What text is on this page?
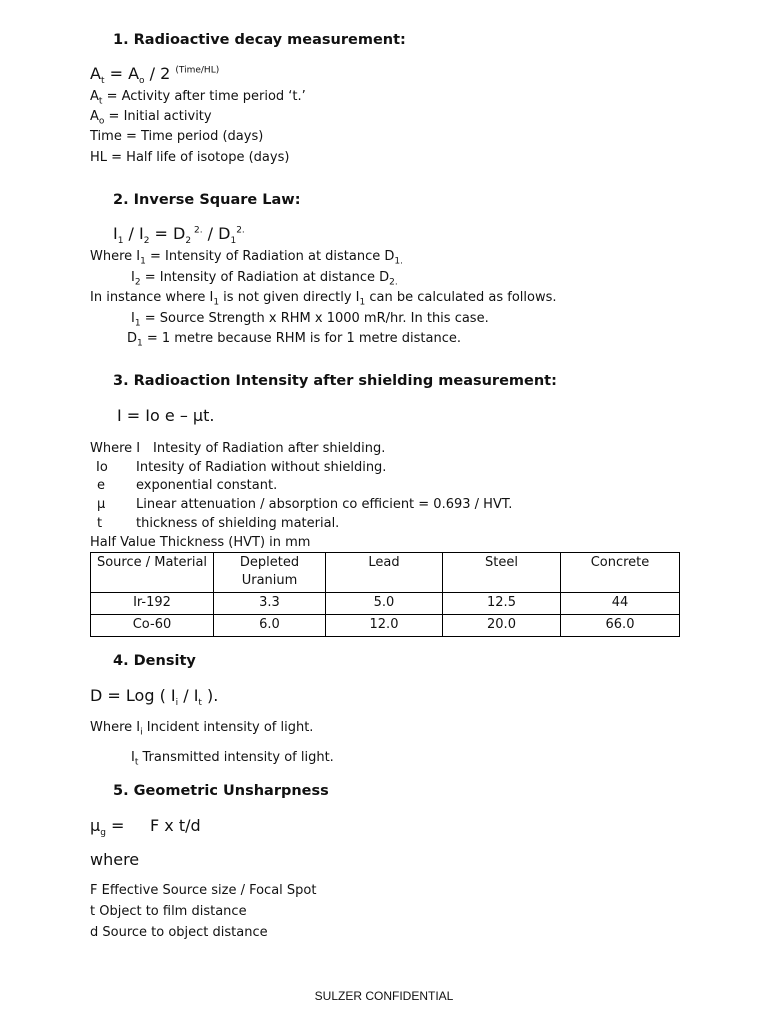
1. Radioactive decay measurement:
$A_t = A_o / 2$ $^{(Time/HL)}$
$A_t$ = Activity after time period ‘t.’
$A_o$ = Initial activity
Time = Time period (days)
HL = Half life of isotope (days)
2. Inverse Square Law:
$I_1 / I_2 = D_2$ $^{2.} / D_1^{2.}$
Where $I_1$ = Intensity of Radiation at distance $D_{1.}$
$I_2$ = Intensity of Radiation at distance $D_{2.}$
In instance where $I_1$ is not given directly $I_1$ can be calculated as follows.
$I_1$ = Source Strength x RHM x 1000 mR/hr. In this case.
$D_1 = 1$ metre because RHM is for 1 metre distance.
3. Radioaction Intensity after shielding measurement:
I = Io e – µt.
Where I Intesity of Radiation after shielding.
Io Intesity of Radiation without shielding.
e exponential constant.
µ Linear attenuation / absorption co efficient = 0.693 / HVT.
t	thickness of shielding material.
Half Value Thickness (HVT) in mm
Source / Material	Depleted Uranium	Lead	Steel	Concrete
Ir-192	3.3	5.0	12.5	44
Co-60	6.0	12.0	20.0	66.0
4. Density
D = Log ( $I_i / I_t$ ).
Where $I_i$ Incident intensity of light.
$I_t$ Transmitted intensity of light.
5. Geometric Unsharpness
µ$_g$ = F x t/d
where
F Effective Source size / Focal Spot
t Object to film distance
d Source to object distance
SULZER CONFIDENTIAL
